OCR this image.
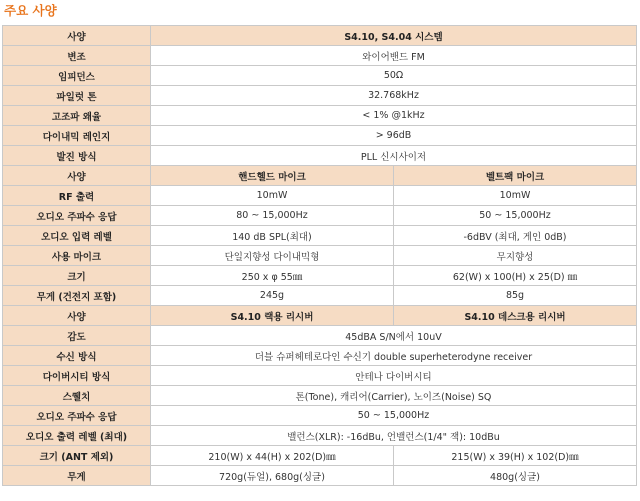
주요 사양
사양	S4.10, S4.04 시스템	
변조	와이어밴드 FM	
임피던스	50Ω	
파일럿 톤	32.768kHz	
고조파 왜율	< 1% @1kHz	
다이내믹 레인지	> 96dB	
발진 방식	PLL 신시사이저	
사양	핸드헬드 마이크	벨트팩 마이크
RF 출력	10mW	10mW
오디오 주파수 응답	80 ~ 15,000Hz	50 ~ 15,000Hz
오디오 입력 레벨	140 dB SPL(최대)	-6dBV (최대, 게인 0dB)
사용 마이크	단일지향성 다이내믹형	무지향성
크기	250 x φ 55㎜	62(W) x 100(H) x 25(D) ㎜
무게 (건전지 포함)	245g	85g
사양	S4.10 랙용 리시버	S4.10 데스크용 리시버
감도	45dBA S/N에서 10uV	
수신 방식	더블 슈퍼헤테로다인 수신기 double superheterodyne receiver	
다이버시티 방식	안테나 다이버시티	
스퀠치	톤(Tone), 캐리어(Carrier), 노이즈(Noise) SQ	
오디오 주파수 응답	50 ~ 15,000Hz	
오디오 출력 레벨 (최대)	밸런스(XLR): -16dBu, 언밸런스(1/4" 잭): 10dBu	
크기 (ANT 제외)	210(W) x 44(H) x 202(D)㎜	215(W) x 39(H) x 102(D)㎜
무게	720g(듀얼), 680g(싱글)	480g(싱글)
